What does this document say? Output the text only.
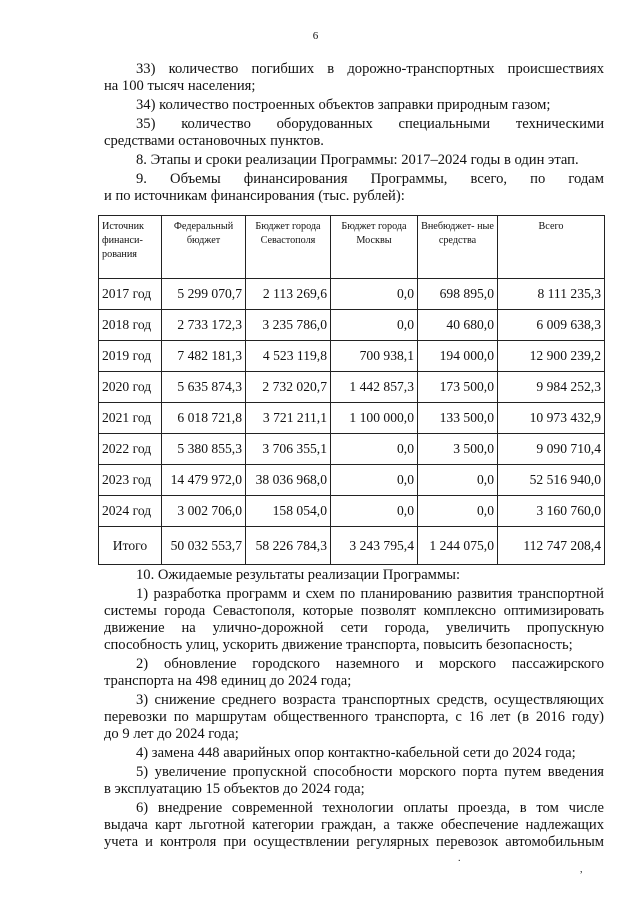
6
33) количество погибших в дорожно-транспортных происшествиях
на 100 тысяч населения;
34) количество построенных объектов заправки природным газом;
35) количество оборудованных специальными техническими
средствами остановочных пунктов.
8. Этапы и сроки реализации Программы: 2017–2024 годы в один этап.
9. Объемы финансирования Программы, всего, по годам
и по источникам финансирования (тыс. рублей):
Источник финанси- рования	Федеральный бюджет	Бюджет города Севастополя	Бюджет города Москвы	Внебюджет- ные средства	Всего
2017 год	5 299 070,7	2 113 269,6	0,0	698 895,0	8 111 235,3
2018 год	2 733 172,3	3 235 786,0	0,0	40 680,0	6 009 638,3
2019 год	7 482 181,3	4 523 119,8	700 938,1	194 000,0	12 900 239,2
2020 год	5 635 874,3	2 732 020,7	1 442 857,3	173 500,0	9 984 252,3
2021 год	6 018 721,8	3 721 211,1	1 100 000,0	133 500,0	10 973 432,9
2022 год	5 380 855,3	3 706 355,1	0,0	3 500,0	9 090 710,4
2023 год	14 479 972,0	38 036 968,0	0,0	0,0	52 516 940,0
2024 год	3 002 706,0	158 054,0	0,0	0,0	3 160 760,0
Итого	50 032 553,7	58 226 784,3	3 243 795,4	1 244 075,0	112 747 208,4
10. Ожидаемые результаты реализации Программы:
1) разработка программ и схем по планированию развития транспортной
системы города Севастополя, которые позволят комплексно оптимизировать
движение на улично-дорожной сети города, увеличить пропускную
способность улиц, ускорить движение транспорта, повысить безопасность;
2) обновление городского наземного и морского пассажирского
транспорта на 498 единиц до 2024 года;
3) снижение среднего возраста транспортных средств, осуществляющих
перевозки по маршрутам общественного транспорта, с 16 лет (в 2016 году)
до 9 лет до 2024 года;
4) замена 448 аварийных опор контактно-кабельной сети до 2024 года;
5) увеличение пропускной способности морского порта путем введения
в эксплуатацию 15 объектов до 2024 года;
6) внедрение современной технологии оплаты проезда, в том числе
выдача карт льготной категории граждан, а также обеспечение надлежащих
учета и контроля при осуществлении регулярных перевозок автомобильным
.
,
